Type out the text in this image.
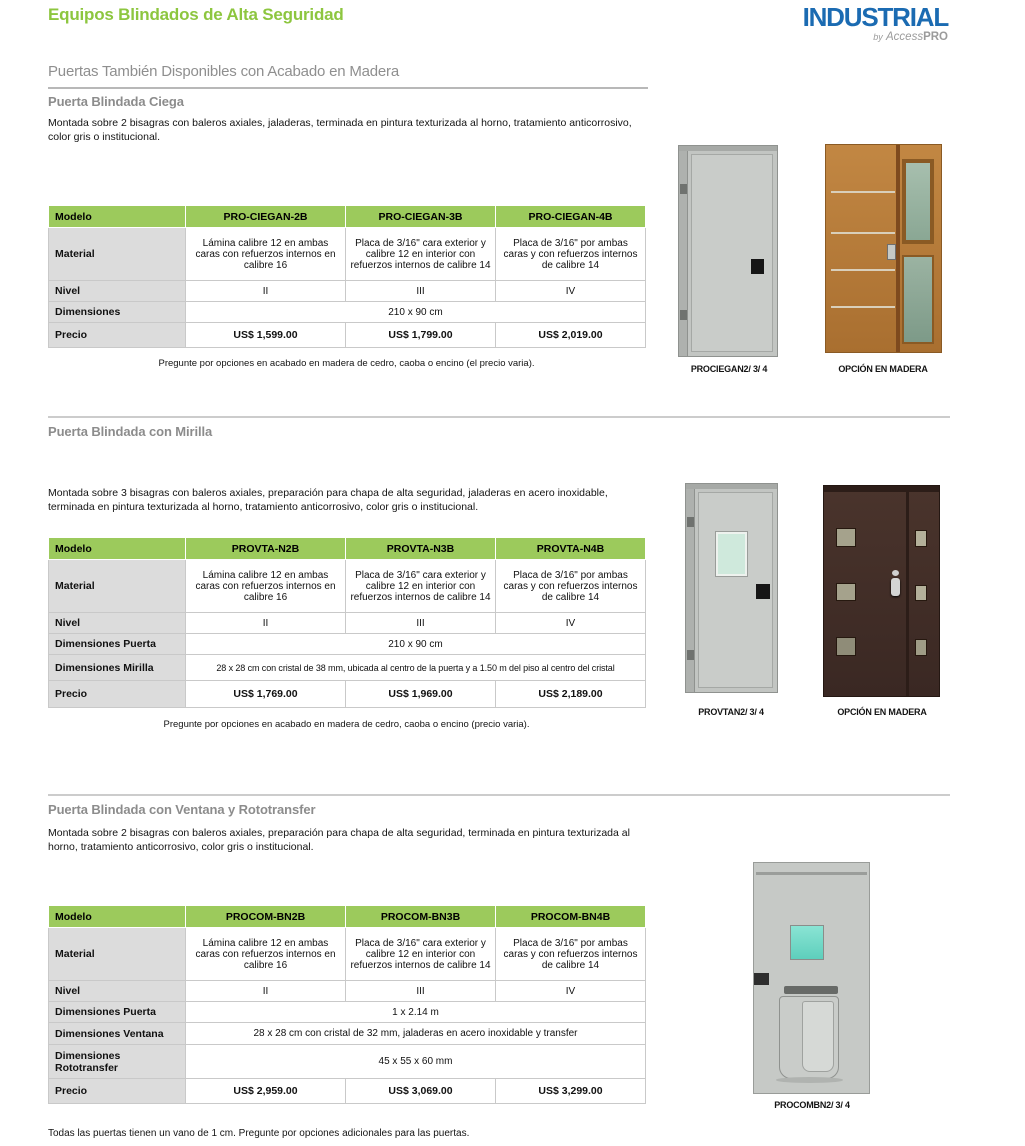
Equipos Blindados de Alta Seguridad	INDUSTRIAL
by AccessPRO
Puertas También Disponibles con Acabado en Madera
Puerta Blindada Ciega
Montada sobre 2 bisagras con baleros axiales, jaladeras, terminada en pintura texturizada al horno, tratamiento anticorrosivo, color gris o institucional.
Modelo	PRO-CIEGAN-2B	PRO-CIEGAN-3B	PRO-CIEGAN-4B
Material	Lámina calibre 12 en ambas caras con refuerzos internos en calibre 16	Placa de 3/16" cara exterior y calibre 12 en interior con refuerzos internos de calibre 14	Placa de 3/16" por ambas caras y con refuerzos internos de calibre 14
Nivel	II	III	IV
Dimensiones	210 x 90 cm		
Precio	US$ 1,599.00	US$ 1,799.00	US$ 2,019.00
Pregunte por opciones en acabado en madera de cedro, caoba o encino (el precio varia).	PROCIEGAN2/ 3/ 4	OPCIÓN EN MADERA
Puerta Blindada con Mirilla
Montada sobre 3 bisagras con baleros axiales, preparación para chapa de alta seguridad, jaladeras en acero inoxidable, terminada en pintura texturizada al horno, tratamiento anticorrosivo, color gris o institucional.
Modelo	PROVTA-N2B	PROVTA-N3B	PROVTA-N4B
Material	Lámina calibre 12 en ambas caras con refuerzos internos en calibre 16	Placa de 3/16" cara exterior y calibre 12 en interior con refuerzos internos de calibre 14	Placa de 3/16" por ambas caras y con refuerzos internos de calibre 14
Nivel	II	III	IV
Dimensiones Puerta	210 x 90 cm		
Dimensiones Mirilla	28 x 28 cm con cristal de 38 mm, ubicada al centro de la puerta y a 1.50 m del piso al centro del cristal		
Precio	US$ 1,769.00	US$ 1,969.00	US$ 2,189.00
Pregunte por opciones en acabado en madera de cedro, caoba o encino (precio varia).
PROVTAN2/ 3/ 4	OPCIÓN EN MADERA
Puerta Blindada con Ventana y Rototransfer
Montada sobre 2 bisagras con baleros axiales, preparación para chapa de alta seguridad, terminada en pintura texturizada al horno, tratamiento anticorrosivo, color gris o institucional.
Modelo	PROCOM-BN2B	PROCOM-BN3B	PROCOM-BN4B
Material	Lámina calibre 12 en ambas caras con refuerzos internos en calibre 16	Placa de 3/16" cara exterior y calibre 12 en interior con refuerzos internos de calibre 14	Placa de 3/16" por ambas caras y con refuerzos internos de calibre 14
Nivel	II	III	IV
Dimensiones Puerta	1 x 2.14 m		
Dimensiones Ventana	28 x 28 cm con cristal de 32 mm, jaladeras en acero inoxidable y transfer		
Dimensiones Rototransfer	45 x 55 x 60 mm		
Precio	US$ 2,959.00	US$ 3,069.00	US$ 3,299.00
PROCOMBN2/ 3/ 4
Todas las puertas tienen un vano de 1 cm. Pregunte por opciones adicionales para las puertas.
